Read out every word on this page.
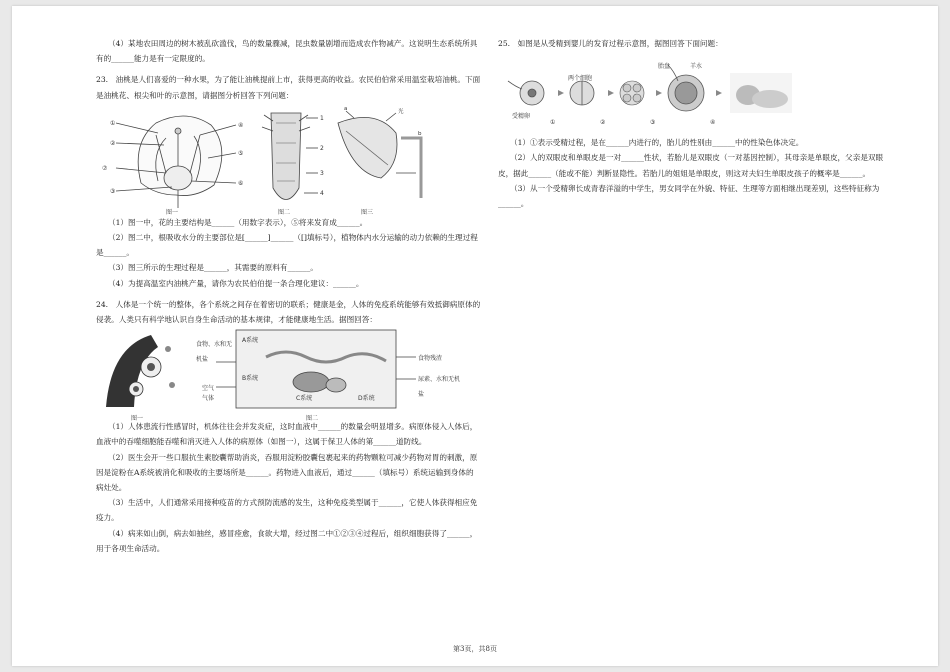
（4）某地农田周边的树木被乱砍滥伐，鸟的数量骤减，昆虫数量剧增而造成农作物减产。这说明生态系统所具有的______能力是有一定限度的。

23.　油桃是人们喜爱的一种水果，为了能让油桃提前上市，获得更高的收益。农民伯伯常采用温室栽培油桃。下面是油桃花、根尖和叶的示意图，请据图分析回答下列问题：

①
②
⑦
③
④
⑤
⑥
1
2
3
4
a	光
b
图一	图二	图三

（1）图一中，花的主要结构是______（用数字表示），⑤将来发育成______。

（2）图二中，根吸收水分的主要部位是[______]______（[]填标号），植物体内水分运输的动力依赖的生理过程是______。

（3）图三所示的生理过程是______，其需要的原料有______。

（4）为提高温室内油桃产量，请你为农民伯伯提一条合理化建议：______。

24.　人体是一个统一的整体，各个系统之间存在着密切的联系；健康是金，人体的免疫系统能够有效抵御病原体的侵袭。人类只有科学地认识自身生命活动的基本规律，才能健康地生活。据图回答：

食物、水和无机盐
A系统
食物残渣
空气
B系统
气体
尿素、水和无机盐
C系统	D系统
图一	图二

（1）人体患流行性感冒时，机体往往会并发炎症，这时血液中______的数量会明显增多。病原体侵入人体后，血液中的吞噬细胞能吞噬和消灭进入人体的病原体（如图一），这属于保卫人体的第______道防线。

（2）医生会开一些口服抗生素胶囊帮助消炎，吞服用淀粉胶囊包裹起来的药物颗粒可减少药物对胃的刺激，原因是淀粉在A系统被消化和吸收的主要场所是______。药物进入血液后，通过______（填标号）系统运输到身体的病灶处。

（3）生活中，人们通常采用接种疫苗的方式预防流感的发生，这种免疫类型属于______，它使人体获得相应免疫力。

（4）病来如山倒，病去如抽丝，感冒痊愈，食欲大增，经过图二中①②③④过程后，组织细胞获得了______，用于各项生命活动。

25.　如图是从受精到婴儿的发育过程示意图，据图回答下面问题：

受精卵
两个细胞
胎盘	羊水
①	②	③	④

（1）①表示受精过程，是在______内进行的，胎儿的性别由______中的性染色体决定。

（2）人的双眼皮和单眼皮是一对______性状，若胎儿是双眼皮（一对基因控制），其母亲是单眼皮，父亲是双眼皮，据此______（能或不能）判断显隐性。若胎儿的姐姐是单眼皮，则这对夫妇生单眼皮孩子的概率是______。

（3）从一个受精卵长成青春洋溢的中学生，男女同学在外貌、特征、生理等方面相继出现差别，这些特征称为______。

第3页，共8页
